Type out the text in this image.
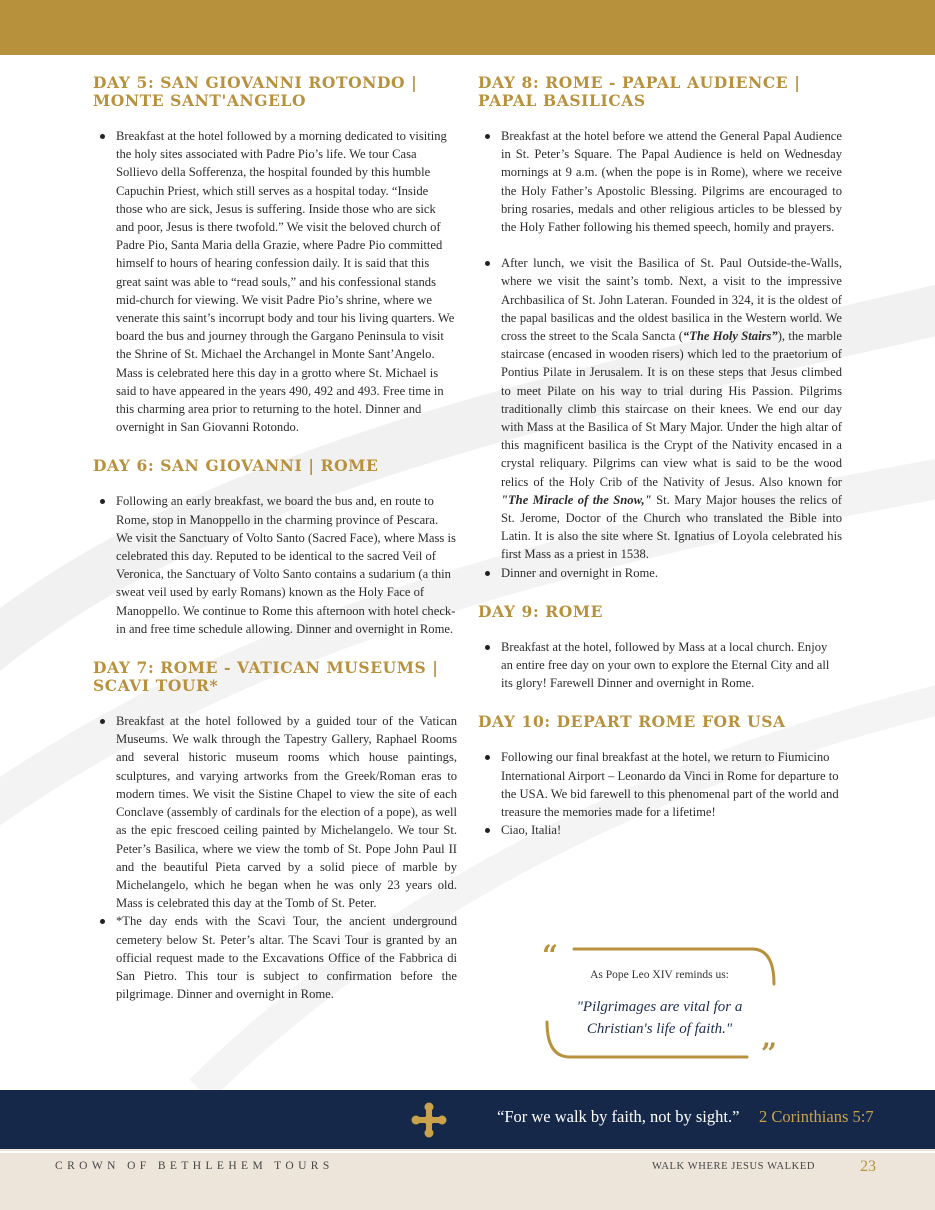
DAY 5: SAN GIOVANNI ROTONDO |
MONTE SANT'ANGELO
Breakfast at the hotel followed by a morning dedicated to visiting the holy sites associated with Padre Pio’s life. We tour Casa Sollievo della Sofferenza, the hospital founded by this humble Capuchin Priest, which still serves as a hospital today. “Inside those who are sick, Jesus is suffering. Inside those who are sick and poor, Jesus is there twofold.” We visit the beloved church of Padre Pio, Santa Maria della Grazie, where Padre Pio committed himself to hours of hearing confession daily. It is said that this great saint was able to “read souls,” and his confessional stands mid-church for viewing. We visit Padre Pio’s shrine, where we venerate this saint’s incorrupt body and tour his living quarters. We board the bus and journey through the Gargano Peninsula to visit the Shrine of St. Michael the Archangel in Monte Sant’Angelo. Mass is celebrated here this day in a grotto where St. Michael is said to have appeared in the years 490, 492 and 493. Free time in this charming area prior to returning to the hotel. Dinner and overnight in San Giovanni Rotondo.
DAY 6: SAN GIOVANNI | ROME
Following an early breakfast, we board the bus and, en route to Rome, stop in Manoppello in the charming province of Pescara. We visit the Sanctuary of Volto Santo (Sacred Face), where Mass is celebrated this day. Reputed to be identical to the sacred Veil of Veronica, the Sanctuary of Volto Santo contains a sudarium (a thin sweat veil used by early Romans) known as the Holy Face of Manoppello. We continue to Rome this afternoon with hotel check-in and free time schedule allowing. Dinner and overnight in Rome.
DAY 7: ROME - VATICAN MUSEUMS |
SCAVI TOUR*
Breakfast at the hotel followed by a guided tour of the Vatican Museums. We walk through the Tapestry Gallery, Raphael Rooms and several historic museum rooms which house paintings, sculptures, and varying artworks from the Greek/Roman eras to modern times. We visit the Sistine Chapel to view the site of each Conclave (assembly of cardinals for the election of a pope), as well as the epic frescoed ceiling painted by Michelangelo. We tour St. Peter’s Basilica, where we view the tomb of St. Pope John Paul II and the beautiful Pieta carved by a solid piece of marble by Michelangelo, which he began when he was only 23 years old. Mass is celebrated this day at the Tomb of St. Peter.
*The day ends with the Scavi Tour, the ancient underground cemetery below St. Peter’s altar. The Scavi Tour is granted by an official request made to the Excavations Office of the Fabbrica di San Pietro. This tour is subject to confirmation before the pilgrimage. Dinner and overnight in Rome.
DAY 8: ROME - PAPAL AUDIENCE |
PAPAL BASILICAS
Breakfast at the hotel before we attend the General Papal Audience in St. Peter’s Square. The Papal Audience is held on Wednesday mornings at 9 a.m. (when the pope is in Rome), where we receive the Holy Father’s Apostolic Blessing. Pilgrims are encouraged to bring rosaries, medals and other religious articles to be blessed by the Holy Father following his themed speech, homily and prayers.
After lunch, we visit the Basilica of St. Paul Outside-the-Walls, where we visit the saint’s tomb. Next, a visit to the impressive Archbasilica of St. John Lateran. Founded in 324, it is the oldest of the papal basilicas and the oldest basilica in the Western world. We cross the street to the Scala Sancta (“The Holy Stairs”), the marble staircase (encased in wooden risers) which led to the praetorium of Pontius Pilate in Jerusalem. It is on these steps that Jesus climbed to meet Pilate on his way to trial during His Passion. Pilgrims traditionally climb this staircase on their knees. We end our day with Mass at the Basilica of St Mary Major. Under the high altar of this magnificent basilica is the Crypt of the Nativity encased in a crystal reliquary. Pilgrims can view what is said to be the wood relics of the Holy Crib of the Nativity of Jesus. Also known for "The Miracle of the Snow," St. Mary Major houses the relics of St. Jerome, Doctor of the Church who translated the Bible into Latin. It is also the site where St. Ignatius of Loyola celebrated his first Mass as a priest in 1538.
Dinner and overnight in Rome.
DAY 9: ROME
Breakfast at the hotel, followed by Mass at a local church. Enjoy an entire free day on your own to explore the Eternal City and all its glory! Farewell Dinner and overnight in Rome.
DAY 10: DEPART ROME FOR USA
Following our final breakfast at the hotel, we return to Fiumicino International Airport – Leonardo da Vinci in Rome for departure to the USA. We bid farewell to this phenomenal part of the world and treasure the memories made for a lifetime!
Ciao, Italia!
“
”
As Pope Leo XIV reminds us:
"Pilgrimages are vital for a Christian's life of faith."
“For we walk by faith, not by sight.” 2 Corinthians 5:7
CROWN OF BETHLEHEM TOURS	WALK WHERE JESUS WALKED	23
